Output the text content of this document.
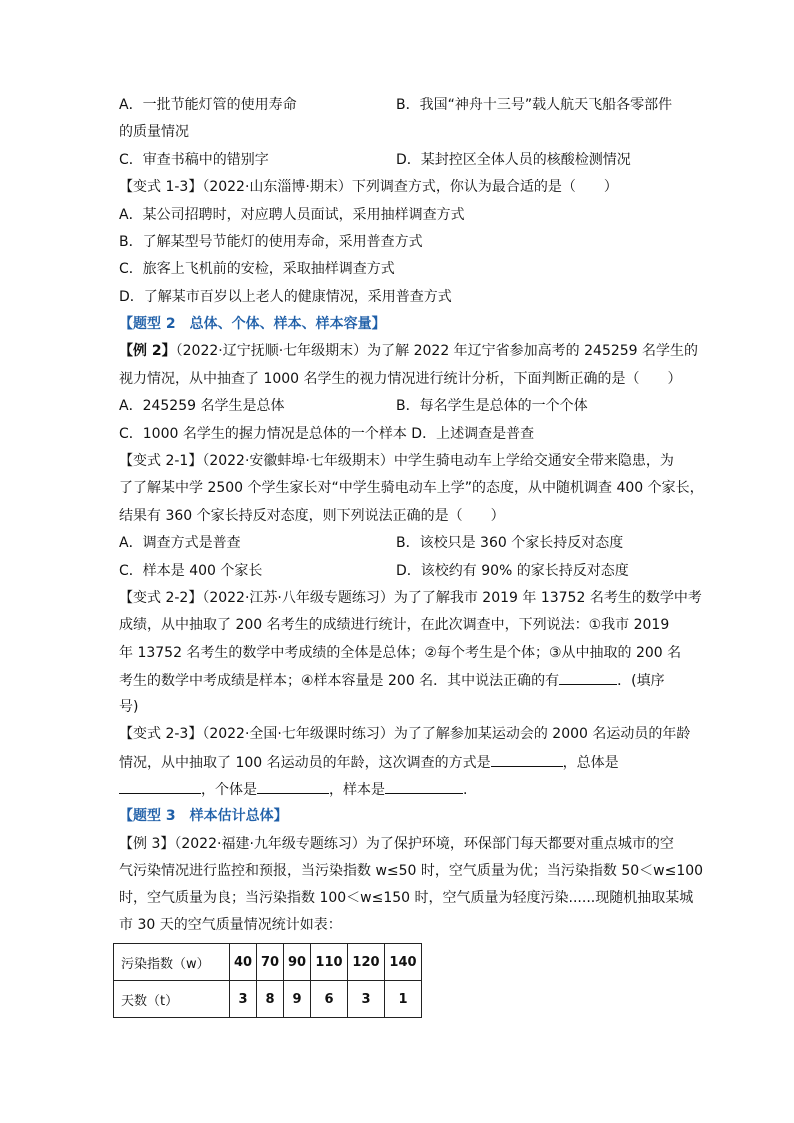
A．一批节能灯管的使用寿命	B．我国“神舟十三号”载人航天飞船各零部件
的质量情况
C．审查书稿中的错别字	D．某封控区全体人员的核酸检测情况
【变式 1-3】（2022·山东淄博·期末）下列调查方式，你认为最合适的是（　　）
A．某公司招聘时，对应聘人员面试，采用抽样调查方式
B．了解某型号节能灯的使用寿命，采用普查方式
C．旅客上飞机前的安检，采取抽样调查方式
D．了解某市百岁以上老人的健康情况，采用普查方式
【题型 2　总体、个体、样本、样本容量】
【例 2】（2022·辽宁抚顺·七年级期末）为了解 2022 年辽宁省参加高考的 245259 名学生的
视力情况，从中抽查了 1000 名学生的视力情况进行统计分析，下面判断正确的是（　　）
A．245259 名学生是总体	B．每名学生是总体的一个个体
C．1000 名学生的握力情况是总体的一个样本 D．上述调查是普查
【变式 2-1】（2022·安徽蚌埠·七年级期末）中学生骑电动车上学给交通安全带来隐患，为
了了解某中学 2500 个学生家长对“中学生骑电动车上学”的态度，从中随机调查 400 个家长，
结果有 360 个家长持反对态度，则下列说法正确的是（　　）
A．调查方式是普查	B．该校只是 360 个家长持反对态度
C．样本是 400 个家长	D．该校约有 90% 的家长持反对态度
【变式 2-2】（2022·江苏·八年级专题练习）为了了解我市 2019 年 13752 名考生的数学中考
成绩，从中抽取了 200 名考生的成绩进行统计，在此次调查中，下列说法：①我市 2019
年 13752 名考生的数学中考成绩的全体是总体；②每个考生是个体；③从中抽取的 200 名
考生的数学中考成绩是样本；④样本容量是 200 名．其中说法正确的有	．(填序
号)
【变式 2-3】（2022·全国·七年级课时练习）为了了解参加某运动会的 2000 名运动员的年龄
情况，从中抽取了 100 名运动员的年龄，这次调查的方式是	，总体是
，个体是	，样本是	.
【题型 3　样本估计总体】
【例 3】（2022·福建·九年级专题练习）为了保护环境，环保部门每天都要对重点城市的空
气污染情况进行监控和预报，当污染指数 w≤50 时，空气质量为优；当污染指数 50＜w≤100
时，空气质量为良；当污染指数 100＜w≤150 时，空气质量为轻度污染......现随机抽取某城
市 30 天的空气质量情况统计如表：
污染指数（w）	40	70	90	110	120	140
天数（t）	3	8	9	6	3	1
